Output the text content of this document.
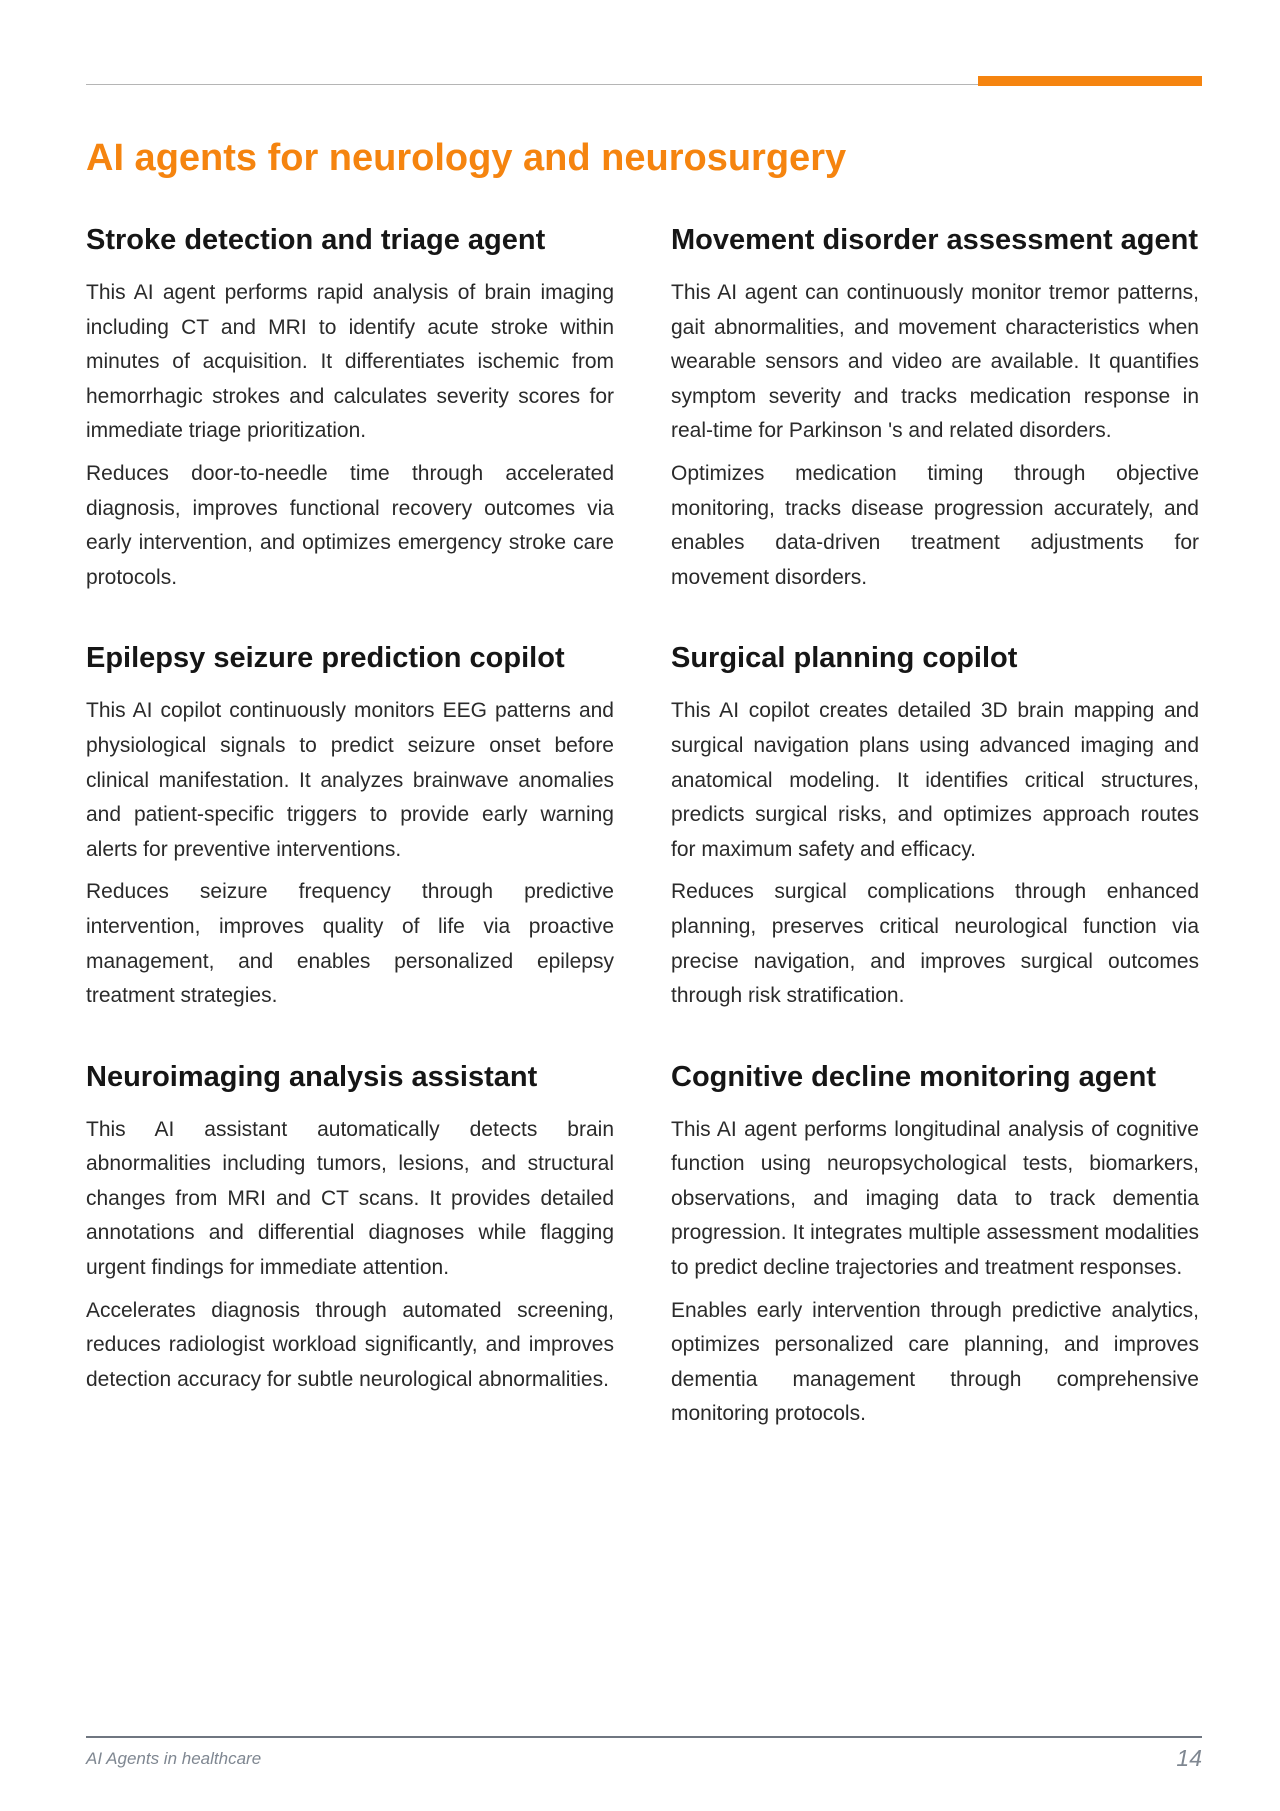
AI agents for neurology and neurosurgery
Stroke detection and triage agent

This AI agent performs rapid analysis of brain imaging including CT and MRI to identify acute stroke within minutes of acquisition. It differentiates ischemic from hemorrhagic strokes and calculates severity scores for immediate triage prioritization.

Reduces door-to-needle time through accelerated diagnosis, improves functional recovery outcomes via early intervention, and optimizes emergency stroke care protocols.

Epilepsy seizure prediction copilot

This AI copilot continuously monitors EEG patterns and physiological signals to predict seizure onset before clinical manifestation. It analyzes brainwave anomalies and patient-specific triggers to provide early warning alerts for preventive interventions.

Reduces seizure frequency through predictive intervention, improves quality of life via proactive management, and enables personalized epilepsy treatment strategies.

Neuroimaging analysis assistant

This AI assistant automatically detects brain abnormalities including tumors, lesions, and structural changes from MRI and CT scans. It provides detailed annotations and differential diagnoses while flagging urgent findings for immediate attention.

Accelerates diagnosis through automated screening, reduces radiologist workload significantly, and improves detection accuracy for subtle neurological abnormalities.

Movement disorder assessment agent

This AI agent can continuously monitor tremor patterns, gait abnormalities, and movement characteristics when wearable sensors and video are available. It quantifies symptom severity and tracks medication response in real-time for Parkinson 's and related disorders.

Optimizes medication timing through objective monitoring, tracks disease progression accurately, and enables data-driven treatment adjustments for movement disorders.

Surgical planning copilot

This AI copilot creates detailed 3D brain mapping and surgical navigation plans using advanced imaging and anatomical modeling. It identifies critical structures, predicts surgical risks, and optimizes approach routes for maximum safety and efficacy.

Reduces surgical complications through enhanced planning, preserves critical neurological function via precise navigation, and improves surgical outcomes through risk stratification.

Cognitive decline monitoring agent

This AI agent performs longitudinal analysis of cognitive function using neuropsychological tests, biomarkers, observations, and imaging data to track dementia progression. It integrates multiple assessment modalities to predict decline trajectories and treatment responses.

Enables early intervention through predictive analytics, optimizes personalized care planning, and improves dementia management through comprehensive monitoring protocols.

AI Agents in healthcare	14
